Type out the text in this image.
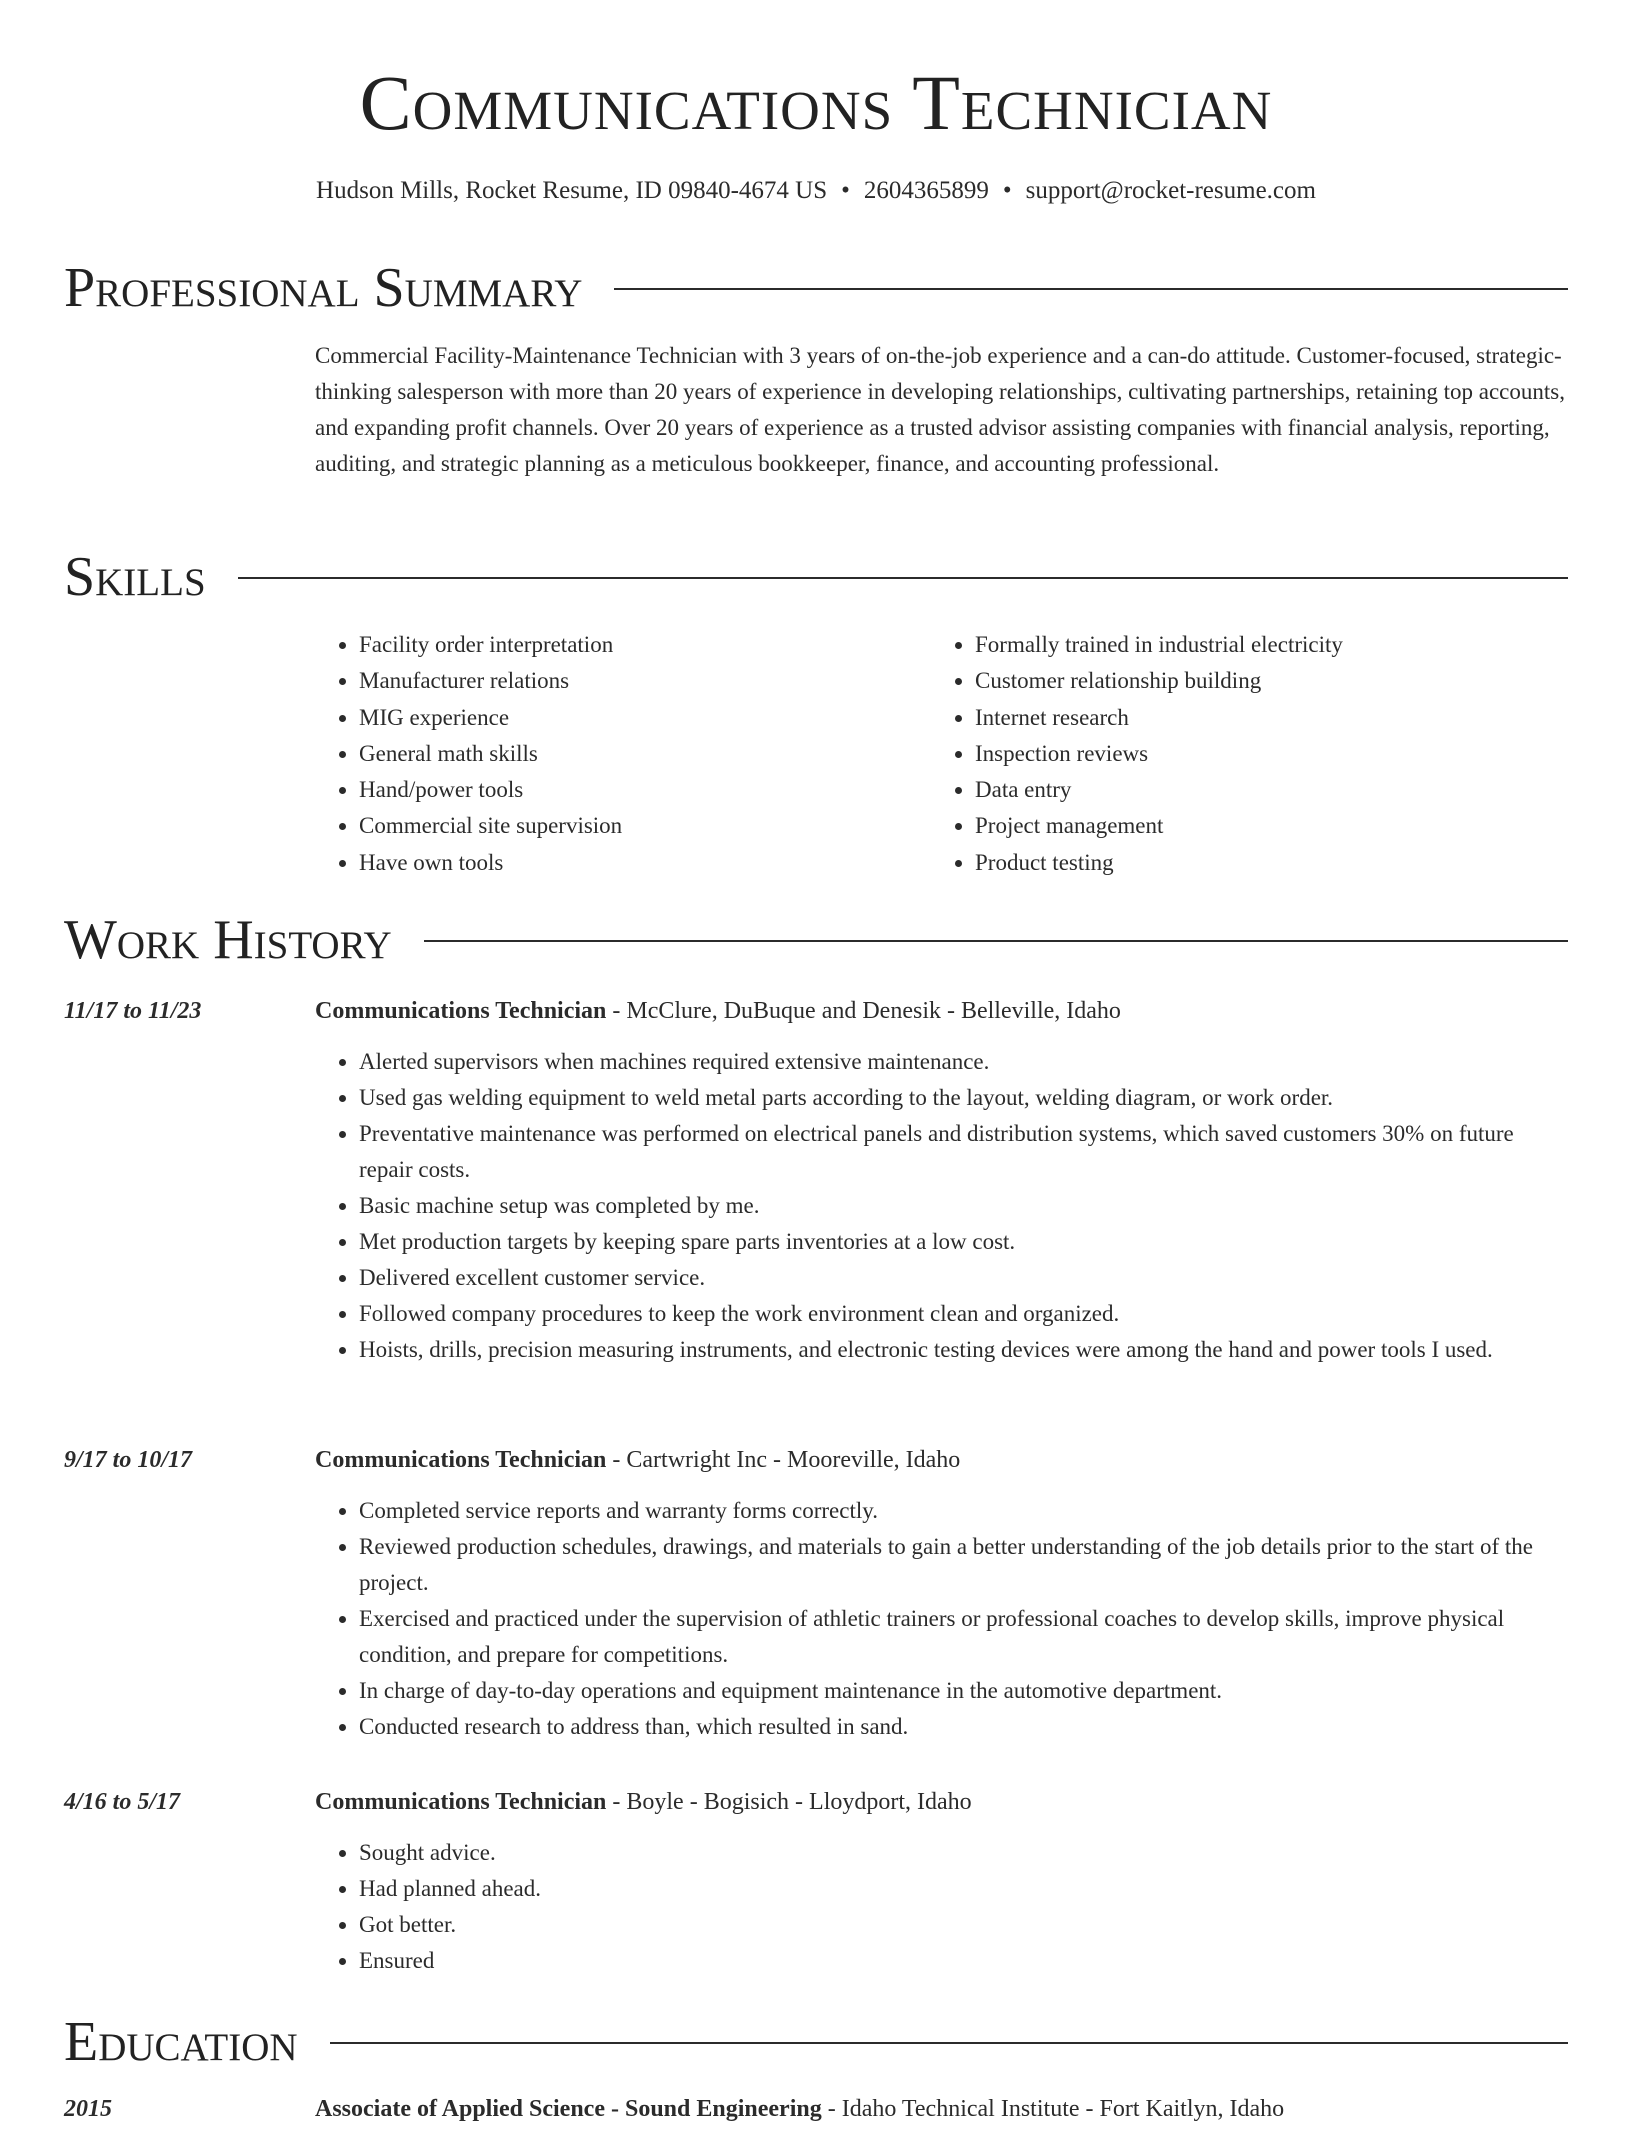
Communications Technician
Hudson Mills, Rocket Resume, ID 09840-4674 US • 2604365899 • support@rocket-resume.com
Professional Summary

Commercial Facility-Maintenance Technician with 3 years of on-the-job experience and a can-do attitude. Customer-focused, strategic-thinking salesperson with more than 20 years of experience in developing relationships, cultivating partnerships, retaining top accounts, and expanding profit channels. Over 20 years of experience as a trusted advisor assisting companies with financial analysis, reporting, auditing, and strategic planning as a meticulous bookkeeper, finance, and accounting professional.

Skills
• Facility order interpretation
• Manufacturer relations
• MIG experience
• General math skills
• Hand/power tools
• Commercial site supervision
• Have own tools
• Formally trained in industrial electricity
• Customer relationship building
• Internet research
• Inspection reviews
• Data entry
• Project management
• Product testing
Work History
11/17 to 11/23	Communications Technician - McClure, DuBuque and Denesik - Belleville, Idaho
• Alerted supervisors when machines required extensive maintenance.
• Used gas welding equipment to weld metal parts according to the layout, welding diagram, or work order.
• Preventative maintenance was performed on electrical panels and distribution systems, which saved customers 30% on future repair costs.
• Basic machine setup was completed by me.
• Met production targets by keeping spare parts inventories at a low cost.
• Delivered excellent customer service.
• Followed company procedures to keep the work environment clean and organized.
• Hoists, drills, precision measuring instruments, and electronic testing devices were among the hand and power tools I used.
9/17 to 10/17	Communications Technician - Cartwright Inc - Mooreville, Idaho
• Completed service reports and warranty forms correctly.
• Reviewed production schedules, drawings, and materials to gain a better understanding of the job details prior to the start of the project.
• Exercised and practiced under the supervision of athletic trainers or professional coaches to develop skills, improve physical condition, and prepare for competitions.
• In charge of day-to-day operations and equipment maintenance in the automotive department.
• Conducted research to address than, which resulted in sand.
4/16 to 5/17	Communications Technician - Boyle - Bogisich - Lloydport, Idaho
• Sought advice.
• Had planned ahead.
• Got better.
• Ensured
Education
2015	Associate of Applied Science - Sound Engineering - Idaho Technical Institute - Fort Kaitlyn, Idaho
